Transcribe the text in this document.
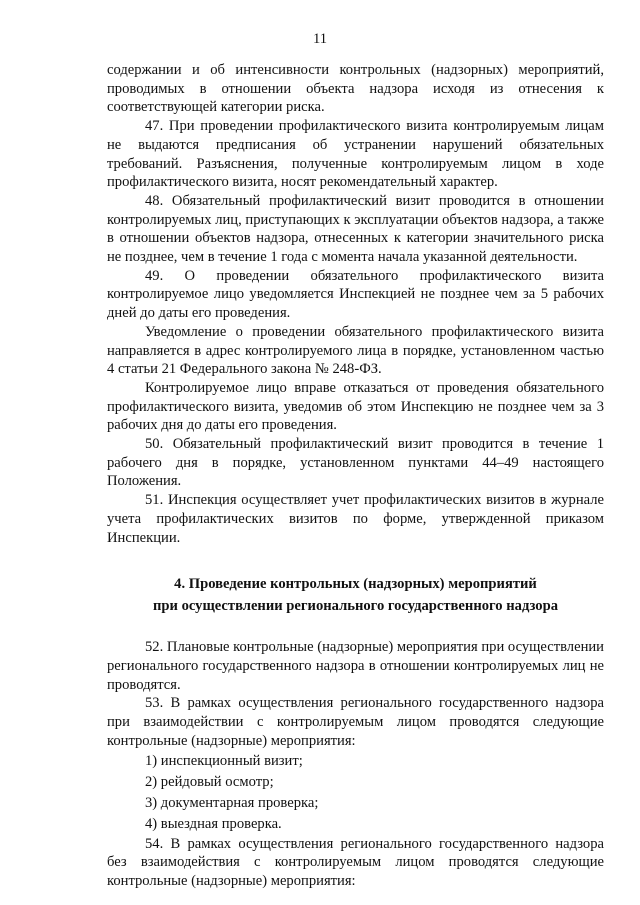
11

содержании и об интенсивности контрольных (надзорных) мероприятий, проводимых в отношении объекта надзора исходя из отнесения к соответствующей категории риска.

47. При проведении профилактического визита контролируемым лицам не выдаются предписания об устранении нарушений обязательных требований. Разъяснения, полученные контролируемым лицом в ходе профилактического визита, носят рекомендательный характер.

48. Обязательный профилактический визит проводится в отношении контролируемых лиц, приступающих к эксплуатации объектов надзора, а также в отношении объектов надзора, отнесенных к категории значительного риска не позднее, чем в течение 1 года с момента начала указанной деятельности.

49. О проведении обязательного профилактического визита контролируемое лицо уведомляется Инспекцией не позднее чем за 5 рабочих дней до даты его проведения.

Уведомление о проведении обязательного профилактического визита направляется в адрес контролируемого лица в порядке, установленном частью 4 статьи 21 Федерального закона № 248-ФЗ.

Контролируемое лицо вправе отказаться от проведения обязательного профилактического визита, уведомив об этом Инспекцию не позднее чем за 3 рабочих дня до даты его проведения.

50. Обязательный профилактический визит проводится в течение 1 рабочего дня в порядке, установленном пунктами 44–49 настоящего Положения.

51. Инспекция осуществляет учет профилактических визитов в журнале учета профилактических визитов по форме, утвержденной приказом Инспекции.

4. Проведение контрольных (надзорных) мероприятий
при осуществлении регионального государственного надзора

52. Плановые контрольные (надзорные) мероприятия при осуществлении регионального государственного надзора в отношении контролируемых лиц не проводятся.

53. В рамках осуществления регионального государственного надзора при взаимодействии с контролируемым лицом проводятся следующие контрольные (надзорные) мероприятия:

1) инспекционный визит;

2) рейдовый осмотр;

3) документарная проверка;

4) выездная проверка.

54. В рамках осуществления регионального государственного надзора без взаимодействия с контролируемым лицом проводятся следующие контрольные (надзорные) мероприятия:
